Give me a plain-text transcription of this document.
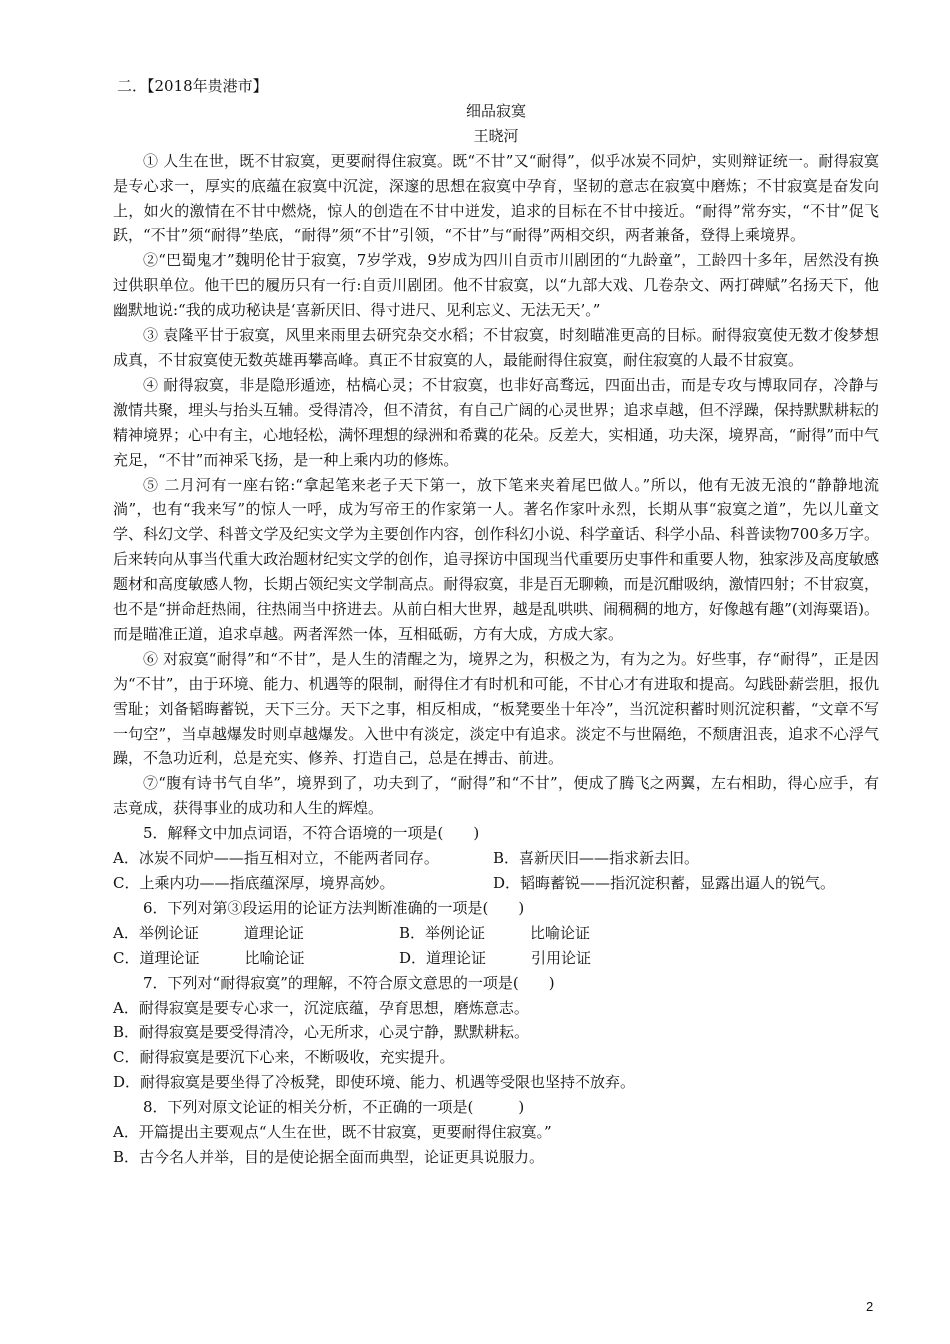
二．【2018年贵港市】
细品寂寞
王晓河
① 人生在世，既不甘寂寞，更要耐得住寂寞。既“不甘”又“耐得”，似乎冰炭不同炉，实则辩证统一。耐得寂寞是专心求一，厚实的底蕴在寂寞中沉淀，深邃的思想在寂寞中孕育，坚韧的意志在寂寞中磨炼；不甘寂寞是奋发向上，如火的激情在不甘中燃烧，惊人的创造在不甘中迸发，追求的目标在不甘中接近。“耐得”常夯实，“不甘”促飞跃，“不甘”须“耐得”垫底，“耐得”须“不甘”引领，“不甘”与“耐得”两相交织，两者兼备，登得上乘境界。
②“巴蜀鬼才”魏明伦甘于寂寞，7岁学戏，9岁成为四川自贡市川剧团的“九龄童”，工龄四十多年，居然没有换过供职单位。他干巴的履历只有一行:自贡川剧团。他不甘寂寞，以“九部大戏、几卷杂文、两打碑赋”名扬天下，他幽默地说:“我的成功秘诀是‘喜新厌旧、得寸进尺、见利忘义、无法无天’。”
③ 袁隆平甘于寂寞，风里来雨里去研究杂交水稻；不甘寂寞，时刻瞄准更高的目标。耐得寂寞使无数才俊梦想成真，不甘寂寞使无数英雄再攀高峰。真正不甘寂寞的人，最能耐得住寂寞，耐住寂寞的人最不甘寂寞。
④ 耐得寂寞，非是隐形遁迹，枯槁心灵；不甘寂寞，也非好高骛远，四面出击，而是专攻与博取同存，冷静与激情共聚，埋头与抬头互辅。受得清冷，但不清贫，有自己广阔的心灵世界；追求卓越，但不浮躁，保持默默耕耘的精神境界；心中有主，心地轻松，满怀理想的绿洲和希冀的花朵。反差大，实相通，功夫深，境界高，“耐得”而中气充足，“不甘”而神采飞扬，是一种上乘内功的修炼。
⑤ 二月河有一座右铭:“拿起笔来老子天下第一，放下笔来夹着尾巴做人。”所以，他有无波无浪的“静静地流淌”，也有“我来写”的惊人一呼，成为写帝王的作家第一人。著名作家叶永烈，长期从事“寂寞之道”，先以儿童文学、科幻文学、科普文学及纪实文学为主要创作内容，创作科幻小说、科学童话、科学小品、科普读物700多万字。后来转向从事当代重大政治题材纪实文学的创作，追寻探访中国现当代重要历史事件和重要人物，独家涉及高度敏感题材和高度敏感人物，长期占领纪实文学制高点。耐得寂寞，非是百无聊赖，而是沉酣吸纳，激情四射；不甘寂寞，也不是“拼命赶热闹，往热闹当中挤进去。从前白相大世界，越是乱哄哄、闹稠稠的地方，好像越有趣”(刘海粟语)。而是瞄准正道，追求卓越。两者浑然一体，互相砥砺，方有大成，方成大家。
⑥ 对寂寞“耐得”和“不甘”，是人生的清醒之为，境界之为，积极之为，有为之为。好些事，存“耐得”，正是因为“不甘”，由于环境、能力、机遇等的限制，耐得住才有时机和可能，不甘心才有进取和提高。勾践卧薪尝胆，报仇雪耻；刘备韬晦蓄锐，天下三分。天下之事，相反相成，“板凳要坐十年冷”，当沉淀积蓄时则沉淀积蓄，“文章不写一句空”，当卓越爆发时则卓越爆发。入世中有淡定，淡定中有追求。淡定不与世隔绝，不颓唐沮丧，追求不心浮气躁，不急功近利，总是充实、修养、打造自己，总是在搏击、前进。
⑦“腹有诗书气自华”，境界到了，功夫到了，“耐得”和“不甘”，便成了腾飞之两翼，左右相助，得心应手，有志竟成，获得事业的成功和人生的辉煌。
5．解释文中加点词语，不符合语境的一项是(　　)
A．冰炭不同炉——指互相对立，不能两者同存。	B．喜新厌旧——指求新去旧。
C．上乘内功——指底蕴深厚，境界高妙。	D．韬晦蓄锐——指沉淀积蓄，显露出逼人的锐气。
6．下列对第③段运用的论证方法判断准确的一项是(　　)
A．举例论证　　　道理论证	B．举例论证　　　比喻论证
C．道理论证　　　比喻论证	D．道理论证　　　引用论证
7．下列对“耐得寂寞”的理解，不符合原文意思的一项是(　　)
A．耐得寂寞是要专心求一，沉淀底蕴，孕育思想，磨炼意志。
B．耐得寂寞是要受得清冷，心无所求，心灵宁静，默默耕耘。
C．耐得寂寞是要沉下心来，不断吸收，充实提升。
D．耐得寂寞是要坐得了冷板凳，即使环境、能力、机遇等受限也坚持不放弃。
8．下列对原文论证的相关分析，不正确的一项是(　　　)
A．开篇提出主要观点“人生在世，既不甘寂寞，更要耐得住寂寞。”
B．古今名人并举，目的是使论据全面而典型，论证更具说服力。
2
